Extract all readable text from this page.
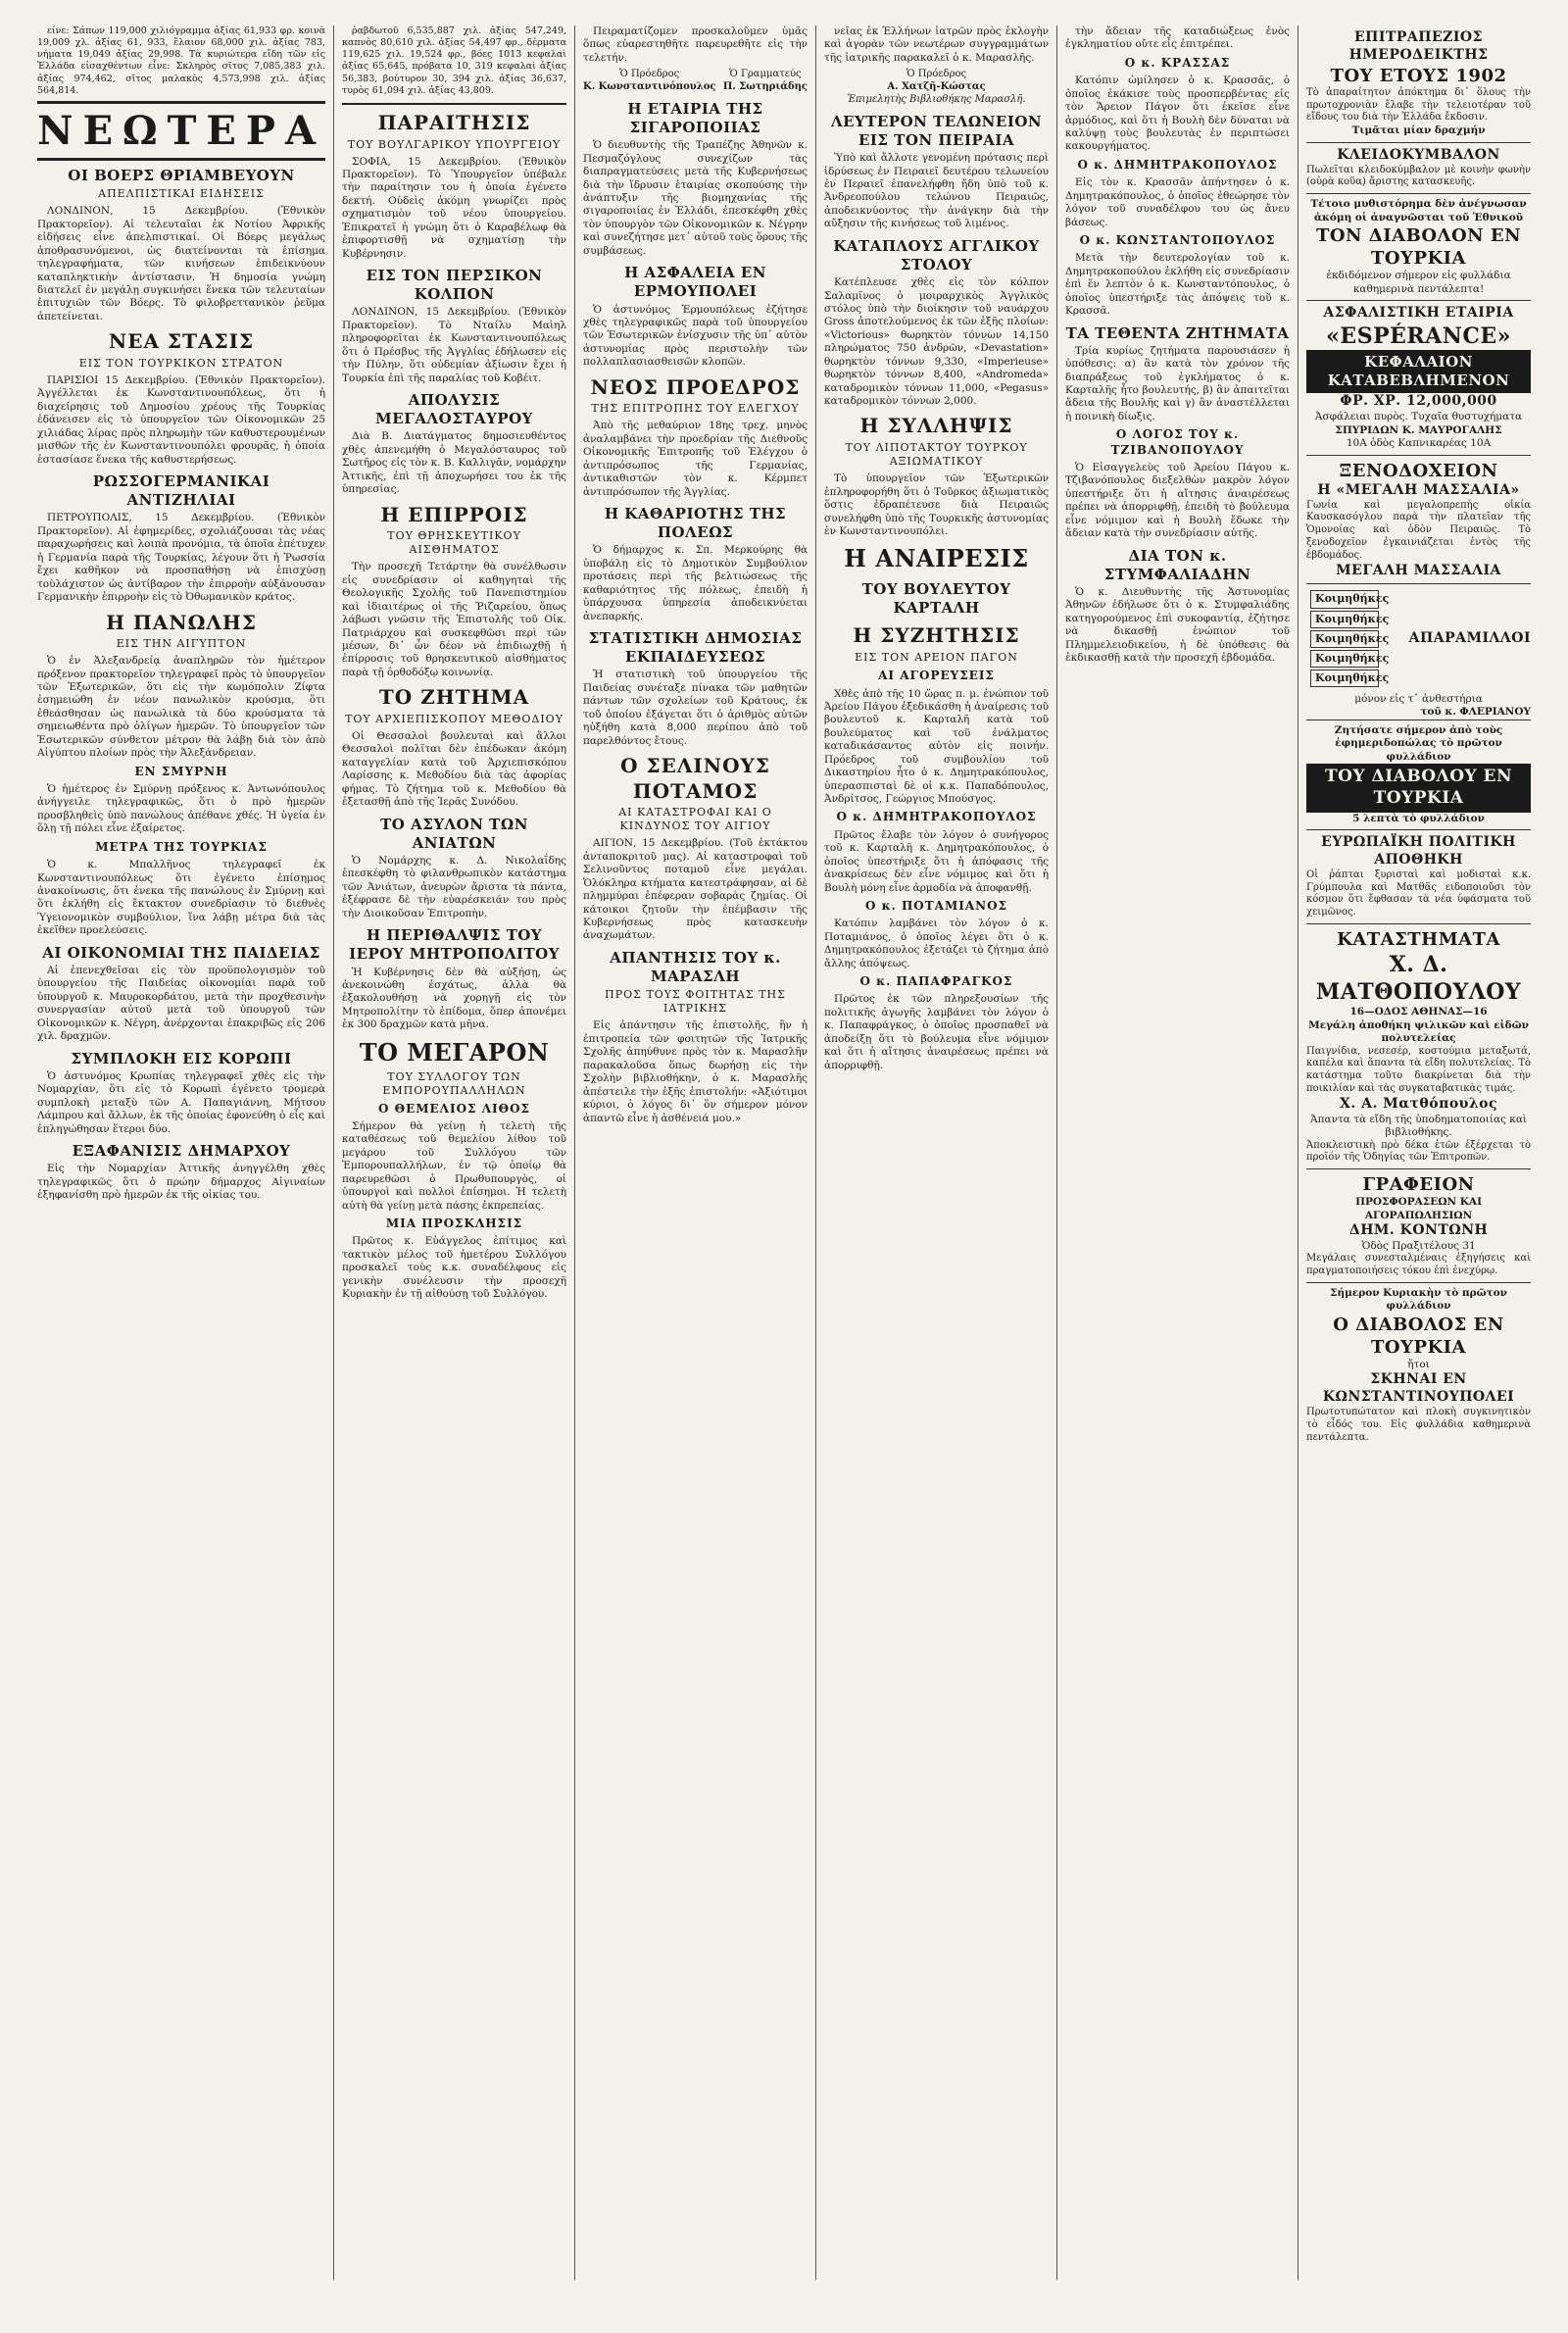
είνε: Σάπων 119,000 χιλιόγραμμα ἀξίας 61,933 φρ. κοινὰ 19,009 χλ. ἀξίας 61, 933, ἔλαιον 68,000 χιλ. ἀξίας 783, νήματα 19,049 ἀξίας 29,998. Τὰ κυριώτερα εἴδη τῶν εἰς Ἑλλάδα εἰσαχθέντων εἶνε: Σκληρὸς σῖτος 7,085,383 χιλ. ἀξίας 974,462, σῖτος μαλακὸς 4,573,998 χιλ. ἀξίας 564,814.

ΝΕΩΤΕΡΑ
ΟΙ ΒΟΕΡΣ ΘΡΙΑΜΒΕΥΟΥΝ
ΑΠΕΛΠΙΣΤΙΚΑΙ ΕΙΔΗΣΕΙΣ

ΛΟΝΔΙΝΟΝ, 15 Δεκεμβρίου. (Ἐθνικὸν Πρακτορεῖον). Αἱ τελευταῖαι ἐκ Νοτίου Ἀφρικῆς εἰδήσεις εἶνε ἀπελπιστικαί. Οἱ Βόερς μεγάλως ἀποθρασυνόμενοι, ὡς διατείνονται τὰ ἐπίσημα τηλεγραφήματα, τῶν κινήσεων ἐπιδεικνύουν καταπληκτικὴν ἀντίστασιν. Ἡ δημοσία γνώμη διατελεῖ ἐν μεγάλῃ συγκινήσει ἕνεκα τῶν τελευταίων ἐπιτυχιῶν τῶν Βόερς. Τὸ φιλοβρεττανικὸν ῥεῦμα ἀπετείνεται.

ΝΕΑ ΣΤΑΣΙΣ
ΕΙΣ ΤΟΝ ΤΟΥΡΚΙΚΟΝ ΣΤΡΑΤΟΝ

ΠΑΡΙΣΙΟΙ 15 Δεκεμβρίου. (Ἐθνικὸν Πρακτορεῖον). Ἀγγέλλεται ἐκ Κωνσταντινουπόλεως, ὅτι ἡ διαχείρησις τοῦ Δημοσίου χρέους τῆς Τουρκίας ἐδάνεισεν εἰς τὸ ὑπουργεῖον τῶν Οἰκονομικῶν 25 χιλιάδας λίρας πρὸς πληρωμὴν τῶν καθυστερουμένων μισθῶν τῆς ἐν Κωνσταντινουπόλει φρουρᾶς, ἡ ὁποία ἐστασίασε ἕνεκα τῆς καθυστερήσεως.

ΡΩΣΣΟΓΕΡΜΑΝΙΚΑΙ ΑΝΤΙΖΗΛΙΑΙ

ΠΕΤΡΟΥΠΟΛΙΣ, 15 Δεκεμβρίου. (Ἐθνικὸν Πρακτορεῖον). Αἱ ἐφημερίδες, σχολιάζουσαι τὰς νέας παραχωρήσεις καὶ λοιπὰ προνόμια, τὰ ὁποῖα ἐπέτυχεν ἡ Γερμανία παρὰ τῆς Τουρκίας, λέγουν ὅτι ἡ Ῥωσσία ἔχει καθῆκον νὰ προσπαθήσῃ νὰ ἐπισχύσῃ τοὺλάχιστον ὡς ἀντίβαρον τὴν ἐπιρροὴν αὐξάνουσαν Γερμανικὴν ἐπιρροὴν εἰς τὸ Ὀθωμανικὸν κράτος.

Η ΠΑΝΩΛΗΣ
ΕΙΣ ΤΗΝ ΑΙΓΥΠΤΟΝ

Ὁ ἐν Ἀλεξανδρείᾳ ἀναπληρῶν τὸν ἡμέτερον πρόξενον πρακτορεῖον τηλεγραφεῖ πρὸς τὸ ὑπουργεῖον τῶν Ἐξωτερικῶν, ὅτι εἰς τὴν κωμόπολιν Ζίφτα ἐσημειώθη ἐν νέον πανωλικὸν κρούσμα, ὅτι ἐθεάσθησαν ὡς πανωλικὰ τὰ δύο κρούσματα τὰ σημειωθέντα πρὸ ὀλίγων ἡμερῶν. Τὸ ὑπουργεῖον τῶν Ἐσωτερικῶν σύνθετον μέτρον θὰ λάβῃ διὰ τὸν ἀπὸ Αἰγύπτου πλοίων πρὸς τὴν Ἀλεξάνδρειαν.

ΕΝ ΣΜΥΡΝΗ

Ὁ ἡμέτερος ἐν Σμύρνῃ πρόξενος κ. Ἀντωνόπουλος ἀνήγγειλε τηλεγραφικῶς, ὅτι ὁ πρὸ ἡμερῶν προσβληθεὶς ὑπὸ πανώλους ἀπέθανε χθές. Ἡ ὑγεία ἐν ὅλῃ τῇ πόλει εἶνε ἐξαίρετος.

ΜΕΤΡΑ ΤΗΣ ΤΟΥΡΚΙΑΣ

Ὁ κ. Μπαλλῆνος τηλεγραφεῖ ἐκ Κωνσταντινουπόλεως ὅτι ἐγένετο ἐπίσημος ἀνακοίνωσις, ὅτι ἐνεκα τῆς πανώλους ἐν Σμύρνῃ καὶ ὅτι ἐκλήθη εἰς ἔκτακτον συνεδρίασιν τὸ διεθνὲς Ὑγειονομικὸν συμβούλιον, ἵνα λάβῃ μέτρα διὰ τὰς ἐκεῖθεν προελεύσεις.

ΑΙ ΟΙΚΟΝΟΜΙΑΙ ΤΗΣ ΠΑΙΔΕΙΑΣ

Αἱ ἐπενεχθεῖσαι εἰς τὸν προϋπολογισμὸν τοῦ ὑπουργείου τῆς Παιδείας οἰκονομίαι παρὰ τοῦ ὑπουργοῦ κ. Μαυροκορδάτου, μετὰ τὴν προχθεσινὴν συνεργασίαν αὐτοῦ μετὰ τοῦ ὑπουργοῦ τῶν Οἰκονομικῶν κ. Νέγρη, ἀνέρχονται ἐπακριβῶς εἰς 206 χιλ. δραχμῶν.

ΣΥΜΠΛΟΚΗ ΕΙΣ ΚΟΡΩΠΙ

Ὁ ἀστυνόμος Κρωπίας τηλεγραφεῖ χθὲς εἰς τὴν Νομαρχίαν, ὅτι εἰς τὸ Κορωπὶ ἐγένετο τρομερὰ συμπλοκὴ μεταξὺ τῶν Α. Παπαγιάννη, Μήτσου Λάμπρου καὶ ἄλλων, ἐκ τῆς ὁποίας ἐφονεύθη ὁ εἷς καὶ ἐπληγώθησαν ἕτεροι δύο.

ΕΞΑΦΑΝΙΣΙΣ ΔΗΜΑΡΧΟΥ

Εἰς τὴν Νομαρχίαν Ἀττικῆς ἀνηγγέλθη χθὲς τηλεγραφικῶς ὅτι ὁ πρώην δήμαρχος Αἰγιναίων ἐξηφανίσθη πρὸ ἡμερῶν ἐκ τῆς οἰκίας του.

ῥαβδωτοῦ 6,535,887 χιλ. ἀξίας 547,249, καπνὸς 80,610 χιλ. ἀξίας 54,497 φρ., δέρματα 119,625 χιλ. 19,524 φρ., βόες 1013 κεφαλαὶ ἀξίας 65,645, πρόβατα 10, 319 κεφαλαὶ ἀξίας 56,383, βούτυρον 30, 394 χιλ. ἀξίας 36,637, τυρὸς 61,094 χιλ. ἀξίας 43,809.

ΠΑΡΑΙΤΗΣΙΣ
ΤΟΥ ΒΟΥΛΓΑΡΙΚΟΥ ΥΠΟΥΡΓΕΙΟΥ

ΣΟΦΙΑ, 15 Δεκεμβρίου. (Ἐθνικὸν Πρακτορεῖον). Τὸ Ὑπουργεῖον ὑπέβαλε τὴν παραίτησιν του ἡ ὁποία ἐγένετο δεκτή. Οὐδεὶς ἀκόμη γνωρίζει πρὸς σχηματισμὸν τοῦ νέου ὑπουργείου. Ἐπικρατεῖ ἡ γνώμη ὅτι ὁ Καραβέλωφ θὰ ἐπιφορτισθῇ νὰ σχηματίσῃ τὴν Κυβέρνησιν.

ΕΙΣ ΤΟΝ ΠΕΡΣΙΚΟΝ ΚΟΛΠΟΝ

ΛΟΝΔΙΝΟΝ, 15 Δεκεμβρίου. (Ἐθνικὸν Πρακτορεῖον). Τὸ Νταίλυ Μαὶηλ πληροφορεῖται ἐκ Κωνσταντινουπόλεως ὅτι ὁ Πρέσβυς τῆς Ἀγγλίας ἐδήλωσεν εἰς τὴν Πύλην, ὅτι οὐδεμίαν ἀξίωσιν ἔχει ἡ Τουρκία ἐπὶ τῆς παραλίας τοῦ Κοβέιτ.

ΑΠΟΛΥΣΙΣ ΜΕΓΑΛΟΣΤΑΥΡΟΥ

Διὰ Β. Διατάγματος δημοσιευθέντος χθὲς ἀπενεμήθη ὁ Μεγαλόσταυρος τοῦ Σωτῆρος εἰς τὸν κ. Β. Καλλιγᾶν, νομάρχην Ἀττικῆς, ἐπὶ τῇ ἀποχωρήσει του ἐκ τῆς ὑπηρεσίας.

Η ΕΠΙΡΡΟΙΣ
ΤΟΥ ΘΡΗΣΚΕΥΤΙΚΟΥ ΑΙΣΘΗΜΑΤΟΣ

Τὴν προσεχῆ Τετάρτην θὰ συνέλθωσιν εἰς συνεδρίασιν οἱ καθηγηταὶ τῆς Θεολογικῆς Σχολῆς τοῦ Πανεπιστημίου καὶ ἰδιαιτέρως οἱ τῆς Ῥιζαρείου, ὅπως λάβωσι γνῶσιν τῆς Ἐπιστολῆς τοῦ Οἰκ. Πατριάρχου καὶ συσκεφθῶσι περὶ τῶν μέσων, δι᾽ ὧν δέον νὰ ἐπιδιωχθῇ ἡ ἐπίρροσις τοῦ θρησκευτικοῦ αἰσθήματος παρὰ τῇ ὀρθοδόξῳ κοινωνίᾳ.

ΤΟ ΖΗΤΗΜΑ
ΤΟΥ ΑΡΧΙΕΠΙΣΚΟΠΟΥ ΜΕΘΟΔΙΟΥ

Οἱ Θεσσαλοὶ βουλευταὶ καὶ ἄλλοι Θεσσαλοὶ πολῖται δὲν ἐπέδωκαν ἀκόμη καταγγελίαν κατὰ τοῦ Ἀρχιεπισκόπου Λαρίσσης κ. Μεθοδίου διὰ τὰς ἀφορίας φήμας. Τὸ ζήτημα τοῦ κ. Μεθοδίου θὰ ἐξετασθῇ ἀπὸ τῆς Ἱερᾶς Συνόδου.

ΤΟ ΑΣΥΛΟΝ ΤΩΝ ΑΝΙΑΤΩΝ

Ὁ Νομάρχης κ. Δ. Νικολαΐδης ἐπεσκέφθη τὸ φιλανθρωπικὸν κατάστημα τῶν Ἀνιάτων, ἀνευρὼν ἄριστα τὰ πάντα, ἐξέφρασε δὲ τὴν εὐαρέσκειάν του πρὸς τὴν Διοικοῦσαν Ἐπιτροπὴν.

Η ΠΕΡΙΘΑΛΨΙΣ ΤΟΥ ΙΕΡΟΥ ΜΗΤΡΟΠΟΛΙΤΟΥ

Ἡ Κυβέρνησις δὲν θὰ αὐξήσῃ, ὡς ἀνεκοινώθη ἐσχάτως, ἀλλὰ θὰ ἐξακολουθήσῃ νὰ χορηγῇ εἰς τὸν Μητροπολίτην τὸ ἐπίδομα, ὅπερ ἀπονέμει ἐκ 300 δραχμῶν κατὰ μῆνα.

ΤΟ ΜΕΓΑΡΟΝ
ΤΟΥ ΣΥΛΛΟΓΟΥ ΤΩΝ ΕΜΠΟΡΟΥΠΑΛΛΗΛΩΝ
Ο ΘΕΜΕΛΙΟΣ ΛΙΘΟΣ

Σήμερον θὰ γείνῃ ἡ τελετὴ τῆς καταθέσεως τοῦ θεμελίου λίθου τοῦ μεγάρου τοῦ Συλλόγου τῶν Ἐμπορουπαλλήλων, ἐν τῷ ὁποίῳ θὰ παρευρεθῶσι ὁ Πρωθυπουργὸς, οἱ ὑπουργοὶ καὶ πολλοὶ ἐπίσημοι. Ἡ τελετὴ αὐτὴ θὰ γείνῃ μετὰ πάσης ἐκπρεπείας.

ΜΙΑ ΠΡΟΣΚΛΗΣΙΣ

Πρῶτος κ. Εὐάγγελος ἐπίτιμος καὶ τακτικὸν μέλος τοῦ ἡμετέρου Συλλόγου προσκαλεῖ τοὺς κ.κ. συναδέλφους εἰς γενικὴν συνέλευσιν τὴν προσεχῆ Κυριακὴν ἐν τῇ αἰθούσῃ τοῦ Συλλόγου.

Πειραματίζομεν προσκαλοῦμεν ὑμᾶς ὅπως εὐαρεστηθῆτε παρευρεθῆτε εἰς τὴν τελετήν.

Ὁ Πρόεδρος
Κ. Κωνσταντινόπουλος
Ὁ Γραμματεύς
Π. Σωτηριάδης
Η ΕΤΑΙΡΙΑ ΤΗΣ ΣΙΓΑΡΟΠΟΙΙΑΣ

Ὁ διευθυντὴς τῆς Τραπέζης Ἀθηνῶν κ. Πεσμαζόγλους συνεχίζων τὰς διαπραγματεύσεις μετὰ τῆς Κυβερνήσεως διὰ τὴν ἵδρυσιν ἑταιρίας σκοπούσης τὴν ἀνάπτυξιν τῆς βιομηχανίας τῆς σιγαροποιίας ἐν Ἑλλάδι, ἐπεσκέφθη χθὲς τὸν ὑπουργὸν τῶν Οἰκονομικῶν κ. Νέγρην καὶ συνεζήτησε μετ᾽ αὐτοῦ τοὺς ὅρους τῆς συμβάσεως.

Η ΑΣΦΑΛΕΙΑ ΕΝ ΕΡΜΟΥΠΟΛΕΙ

Ὁ ἀστυνόμος Ἑρμουπόλεως ἐζήτησε χθὲς τηλεγραφικῶς παρὰ τοῦ ὑπουργείου τῶν Ἐσωτερικῶν ἐνίσχυσιν τῆς ὑπ᾽ αὐτὸν ἀστυνομίας πρὸς περιστολὴν τῶν πολλαπλασιασθεισῶν κλοπῶν.

ΝΕΟΣ ΠΡΟΕΔΡΟΣ
ΤΗΣ ΕΠΙΤΡΟΠΗΣ ΤΟΥ ΕΛΕΓΧΟΥ

Ἀπὸ τῆς μεθαύριον 18ης τρεχ. μηνὸς ἀναλαμβάνει τὴν προεδρίαν τῆς Διεθνοῦς Οἰκονομικῆς Ἐπιτροπῆς τοῦ Ἐλέγχου ὁ ἀντιπρόσωπος τῆς Γερμανίας, ἀντικαθιστῶν τὸν κ. Κέρμπετ ἀντιπρόσωπον τῆς Ἀγγλίας.

Η ΚΑΘΑΡΙΟΤΗΣ ΤΗΣ ΠΟΛΕΩΣ

Ὁ δήμαρχος κ. Σπ. Μερκούρης θὰ ὑποβάλῃ εἰς τὸ Δημοτικὸν Συμβούλιον προτάσεις περὶ τῆς βελτιώσεως τῆς καθαριότητος τῆς πόλεως, ἐπειδὴ ἡ ὑπάρχουσα ὑπηρεσία ἀποδεικνύεται ἀνεπαρκής.

ΣΤΑΤΙΣΤΙΚΗ ΔΗΜΟΣΙΑΣ ΕΚΠΑΙΔΕΥΣΕΩΣ

Ἡ στατιστικὴ τοῦ ὑπουργείου τῆς Παιδείας συνέταξε πίνακα τῶν μαθητῶν πάντων τῶν σχολείων τοῦ Κράτους, ἐκ τοῦ ὁποίου ἐξάγεται ὅτι ὁ ἀριθμὸς αὐτῶν ηὐξήθη κατὰ 8,000 περίπου ἀπὸ τοῦ παρελθόντος ἔτους.

Ο ΣΕΛΙΝΟΥΣ ΠΟΤΑΜΟΣ
ΑΙ ΚΑΤΑΣΤΡΟΦΑΙ ΚΑΙ Ο ΚΙΝΔΥΝΟΣ ΤΟΥ ΑΙΓΙΟΥ

ΑΙΓΙΟΝ, 15 Δεκεμβρίου. (Τοῦ ἐκτάκτου ἀνταποκριτοῦ μας). Αἱ καταστροφαὶ τοῦ Σελινοῦντος ποταμοῦ εἶνε μεγάλαι. Ὁλόκληρα κτήματα κατεστράφησαν, αἱ δὲ πλημμύραι ἐπέφεραν σοβαρὰς ζημίας. Οἱ κάτοικοι ζητοῦν τὴν ἐπέμβασιν τῆς Κυβερνήσεως πρὸς κατασκευὴν ἀναχωμάτων.

ΑΠΑΝΤΗΣΙΣ ΤΟΥ κ. ΜΑΡΑΣΛΗ
ΠΡΟΣ ΤΟΥΣ ΦΟΙΤΗΤΑΣ ΤΗΣ ΙΑΤΡΙΚΗΣ

Εἰς ἀπάντησιν τῆς ἐπιστολῆς, ἣν ἡ ἐπιτροπεία τῶν φοιτητῶν τῆς Ἰατρικῆς Σχολῆς ἀπηύθυνε πρὸς τὸν κ. Μαρασλῆν παρακαλοῦσα ὅπως δωρήσῃ εἰς τὴν Σχολὴν βιβλιοθήκην, ὁ κ. Μαρασλῆς ἀπέστειλε τὴν ἑξῆς ἐπιστολήν: «Ἀξιότιμοι κύριοι, ὁ λόγος δι᾽ ὃν σήμερον μόνον ἀπαντῶ εἶνε ἡ ἀσθένειά μου.»

νεῖας ἐκ Ἑλλήνων ἰατρῶν πρὸς ἐκλογὴν καὶ ἀγορὰν τῶν νεωτέρων συγγραμμάτων τῆς ἰατρικῆς παρακαλεῖ ὁ κ. Μαρασλῆς.

Ὁ Πρόεδρος
Α. Χατζῆ-Κώστας
Ἐπιμελητὴς Βιβλιοθήκης Μαρασλῆ.
ΛΕΥΤΕΡΟΝ ΤΕΛΩΝΕΙΟΝ ΕΙΣ ΤΟΝ ΠΕΙΡΑΙΑ

Ὑπὸ καὶ ἄλλοτε γενομένη πρότασις περὶ ἱδρύσεως ἐν Πειραιεῖ δευτέρου τελωνείου ἐν Περαιεῖ ἐπανελήφθη ἤδη ὑπὸ τοῦ κ. Ἀνδρεοπούλου τελώνου Πειραιῶς, ἀποδεικνύοντος τὴν ἀνάγκην διὰ τὴν αὔξησιν τῆς κινήσεως τοῦ λιμένος.

ΚΑΤΑΠΛΟΥΣ ΑΓΓΛΙΚΟΥ ΣΤΟΛΟΥ

Κατέπλευσε χθὲς εἰς τὸν κόλπον Σαλαμῖνος ὁ μοιραρχικὸς Ἀγγλικὸς στόλος ὑπὸ τὴν διοίκησιν τοῦ ναυάρχου Gross ἀποτελούμενος ἐκ τῶν ἑξῆς πλοίων: «Victorious» θωρηκτὸν τόννων 14,150 πληρώματος 750 ἀνδρῶν, «Devastation» θωρηκτὸν τόννων 9,330, «Imperieuse» θωρηκτὸν τόννων 8,400, «Andromeda» καταδρομικὸν τόννων 11,000, «Pegasus» καταδρομικὸν τόννων 2,000.

Η ΣΥΛΛΗΨΙΣ
ΤΟΥ ΛΙΠΟΤΑΚΤΟΥ ΤΟΥΡΚΟΥ ΑΞΙΩΜΑΤΙΚΟΥ

Τὸ ὑπουργεῖον τῶν Ἐξωτερικῶν ἐπληροφορήθη ὅτι ὁ Τοῦρκος ἀξιωματικὸς ὅστις ἐδραπέτευσε διὰ Πειραιῶς συνελήφθη ὑπὸ τῆς Τουρκικῆς ἀστυνομίας ἐν Κωνσταντινουπόλει.

Η ΑΝΑΙΡΕΣΙΣ
ΤΟΥ ΒΟΥΛΕΥΤΟΥ ΚΑΡΤΑΛΗ
Η ΣΥΖΗΤΗΣΙΣ
ΕΙΣ ΤΟΝ ΑΡΕΙΟΝ ΠΑΓΟΝ
ΑΙ ΑΓΟΡΕΥΣΕΙΣ

Χθὲς ἀπὸ τῆς 10 ὥρας π. μ. ἐνώπιον τοῦ Ἀρείου Πάγου ἐξεδικάσθη ἡ ἀναίρεσις τοῦ βουλευτοῦ κ. Καρταλῆ κατὰ τοῦ βουλεύματος καὶ τοῦ ἐνάλματος καταδικάσαντος αὐτὸν εἰς ποινήν. Πρόεδρος τοῦ συμβουλίου τοῦ Δικαστηρίου ἦτο ὁ κ. Δημητρακόπουλος, ὑπερασπισταὶ δὲ οἱ κ.κ. Παπαδόπουλος, Ἀνδρίτσος, Γεώργιος Μπούσγος.

Ο κ. ΔΗΜΗΤΡΑΚΟΠΟΥΛΟΣ

Πρῶτος ἔλαβε τὸν λόγον ὁ συνήγορος τοῦ κ. Καρταλῆ κ. Δημητρακόπουλος, ὁ ὁποῖος ὑπεστήριξε ὅτι ἡ ἀπόφασις τῆς ἀνακρίσεως δὲν εἶνε νόμιμος καὶ ὅτι ἡ Βουλὴ μόνη εἶνε ἁρμοδία νὰ ἀποφανθῇ.

Ο κ. ΠΟΤΑΜΙΑΝΟΣ

Κατόπιν λαμβάνει τὸν λόγον ὁ κ. Ποταμιάνος, ὁ ὁποῖος λέγει ὅτι ὁ κ. Δημητρακόπουλος ἐξετάζει τὸ ζήτημα ἀπὸ ἄλλης ἀπόψεως.

Ο κ. ΠΑΠΑΦΡΑΓΚΟΣ

Πρῶτος ἐκ τῶν πληρεξουσίων τῆς πολιτικῆς ἀγωγῆς λαμβάνει τὸν λόγον ὁ κ. Παπαφράγκος, ὁ ὁποῖος προσπαθεῖ νὰ ἀποδείξῃ ὅτι τὸ βούλευμα εἶνε νόμιμον καὶ ὅτι ἡ αἴτησις ἀναιρέσεως πρέπει νὰ ἀπορριφθῇ.

τὴν ἄδειαν τῆς καταδιώξεως ἑνὸς ἐγκληματίου οὔτε εἶς ἐπιτρέπει.

Ο κ. ΚΡΑΣΣΑΣ

Κατόπιν ὡμίλησεν ὁ κ. Κρασσᾶς, ὁ ὁποῖος ἐκάκισε τοὺς προσπερβέντας εἰς τὸν Ἄρειον Πάγον ὅτι ἐκεῖσε εἶνε ἀρμόδιος, καὶ ὅτι ἡ Βουλὴ δὲν δύναται νὰ καλύψῃ τοὺς βουλευτὰς ἐν περιπτώσει κακουργήματος.

Ο κ. ΔΗΜΗΤΡΑΚΟΠΟΥΛΟΣ

Εἰς τὸν κ. Κρασσᾶν ἀπήντησεν ὁ κ. Δημητρακόπουλος, ὁ ὁποῖος ἐθεώρησε τὸν λόγον τοῦ συναδέλφου του ὡς ἄνευ βάσεως.

Ο κ. ΚΩΝΣΤΑΝΤΟΠΟΥΛΟΣ

Μετὰ τὴν δευτερολογίαν τοῦ κ. Δημητρακοπούλου ἐκλήθη εἰς συνεδρίασιν ἐπὶ ἕν λεπτὸν ὁ κ. Κωνσταντόπουλος, ὁ ὁποῖος ὑπεστήριξε τὰς ἀπόψεις τοῦ κ. Κρασσᾶ.

ΤΑ ΤΕΘΕΝΤΑ ΖΗΤΗΜΑΤΑ

Τρία κυρίως ζητήματα παρουσιάσεν ἡ ὑπόθεσις: α) ἂν κατὰ τὸν χρόνον τῆς διαπράξεως τοῦ ἐγκλήματος ὁ κ. Καρταλῆς ἦτο βουλευτής, β) ἂν ἀπαιτεῖται ἄδεια τῆς Βουλῆς καὶ γ) ἂν ἀναστέλλεται ἡ ποινικὴ δίωξις.

Ο ΛΟΓΟΣ ΤΟΥ κ. ΤΖΙΒΑΝΟΠΟΥΛΟΥ

Ὁ Εἰσαγγελεὺς τοῦ Ἀρείου Πάγου κ. Τζιβανόπουλος διεξελθὼν μακρὸν λόγον ὑπεστήριξε ὅτι ἡ αἴτησις ἀναιρέσεως πρέπει νὰ ἀπορριφθῇ, ἐπειδὴ τὸ βούλευμα εἶνε νόμιμον καὶ ἡ Βουλὴ ἔδωκε τὴν ἄδειαν κατὰ τὴν συνεδρίασιν αὐτῆς.

ΔΙΑ ΤΟΝ κ. ΣΤΥΜΦΑΛΙΑΔΗΝ

Ὁ κ. Διευθυντὴς τῆς Ἀστυνομίας Ἀθηνῶν ἐδήλωσε ὅτι ὁ κ. Στυμφαλιάδης κατηγορούμενος ἐπὶ συκοφαντίᾳ, ἐζήτησε νὰ δικασθῇ ἐνώπιον τοῦ Πλημμελειοδικείου, ἡ δὲ ὑπόθεσις θὰ ἐκδικασθῇ κατὰ τὴν προσεχῆ ἑβδομάδα.

ΕΠΙΤΡΑΠΕΖΙΟΣ ΗΜΕΡΟΔΕΙΚΤΗΣ
ΤΟΥ ΕΤΟΥΣ 1902
Τὸ ἀπαραίτητον ἀπόκτημα δι᾽ ὅλους τὴν πρωτοχρονιὰν ἔλαβε τὴν τελειοτέραν τοῦ εἴδους του διὰ τὴν Ἑλλάδα ἔκδοσιν.
Τιμᾶται μίαν δραχμήν
ΚΛΕΙΔΟΚΥΜΒΑΛΟΝ
Πωλεῖται κλειδοκύμβαλον μὲ κοινὴν φωνὴν (οὐρὰ κοῦα) ἄριστης κατασκευῆς.
Τέτοιο μυθιστόρημα δὲν ἀνέγνωσαν ἀκόμη οἱ ἀναγνῶσται τοῦ Ἐθνικοῦ
ΤΟΝ ΔΙΑΒΟΛΟΝ ΕΝ ΤΟΥΡΚΙΑ
ἐκδιδόμενον σήμερον εἰς φυλλάδια καθημερινὰ πεντάλεπτα!
ΑΣΦΑΛΙΣΤΙΚΗ ΕΤΑΙΡΙΑ
«ESPÉRANCE»
ΚΕΦΑΛΑΙΟΝ ΚΑΤΑΒΕΒΛΗΜΕΝΟΝ
ΦΡ. ΧΡ. 12,000,000
Ἀσφάλειαι πυρὸς. Τυχαῖα θυστυχήματα
ΣΠΥΡΙΔΩΝ Κ. ΜΑΥΡΟΓΑΛΗΣ
10Α ὁδὸς Καπνικαρέας 10Α
ΞΕΝΟΔΟΧΕΙΟΝ
Η «ΜΕΓΑΛΗ ΜΑΣΣΑΛΙΑ»
Γωνία καὶ μεγαλοπρεπὴς οἰκία Καυσκασόγλου παρὰ τὴν πλατεῖαν τῆς Ὁμονοίας καὶ ὁδὸν Πειραιῶς. Τὸ ξενοδοχεῖον ἐγκαινιάζεται ἐντὸς τῆς ἑβδομάδος.
ΜΕΓΑΛΗ ΜΑΣΣΑΛΙΑ
Κοιμηθήκες
Κοιμηθήκες
Κοιμηθήκες
Κοιμηθήκες
Κοιμηθήκες
ΑΠΑΡΑΜΙΛΛΟΙ
μόνον εἰς τ᾽ ἀνθεστήρια
τοῦ κ. ΦΛΕΡΙΑΝΟΥ
Ζητήσατε σήμερον ἀπὸ τοὺς ἐφημεριδοπώλας τὸ πρῶτον φυλλάδιον
ΤΟΥ ΔΙΑΒΟΛΟΥ ΕΝ ΤΟΥΡΚΙΑ
5 λεπτὰ τὸ φυλλάδιον
ΕΥΡΩΠΑΪΚΗ ΠΟΛΙΤΙΚΗ ΑΠΟΘΗΚΗ
Οἱ ῥάπται ξυρισταὶ καὶ μοδισταὶ κ.κ. Γρύμπουλα καὶ Ματθᾶς ειδοποιοῦσι τὸν κόσμον ὅτι ἔφθασαν τὰ νέα ὑφάσματα τοῦ χειμῶνος.
ΚΑΤΑΣΤΗΜΑΤΑ
Χ. Δ. ΜΑΤΘΟΠΟΥΛΟΥ
16—ΟΔΟΣ ΑΘΗΝΑΣ—16
Μεγάλη ἀποθήκη ψιλικῶν καὶ εἰδῶν πολυτελείας
Παιγνίδια, νεσεσέρ, κοστούμια μεταξωτά, καπέλα καὶ ἅπαντα τὰ εἴδη πολυτελείας. Τὸ κατάστημα τοῦτο διακρίνεται διὰ τὴν ποικιλίαν καὶ τὰς συγκαταβατικὰς τιμάς.
Χ. Α. Ματθόπουλος
Ἀπαντα τὰ εἴδη τῆς ὑποδηματοποιίας καὶ βιβλιοθήκης.
Ἀποκλειστικὴ πρὸ δέκα ἐτῶν ἐξέρχεται τὸ προϊόν τῆς Ὁδηγίας τῶν Ἐπιτροπῶν.
ΓΡΑΦΕΙΟΝ
ΠΡΟΣΦΟΡΑΣΕΩΝ ΚΑΙ ΑΓΟΡΑΠΩΛΗΣΙΩΝ
ΔΗΜ. ΚΟΝΤΩΝΗ
Ὁδὸς Πραξιτέλους 31
Μεγάλαις συνεσταλμέναις ἐξηγήσεις καὶ πραγματοποιήσεις τόκου ἐπὶ ἐνεχύρῳ.
Σήμερον Κυριακὴν τὸ πρῶτον φυλλάδιον
Ο ΔΙΑΒΟΛΟΣ ΕΝ ΤΟΥΡΚΙΑ
ἤτοι
ΣΚΗΝΑΙ ΕΝ ΚΩΝΣΤΑΝΤΙΝΟΥΠΟΛΕΙ
Πρωτοτυπώτατον καὶ πλοκὴ συγκινητικὸν τὸ εἶδός του. Εἰς φυλλάδια καθημερινὰ πεντάλεπτα.
